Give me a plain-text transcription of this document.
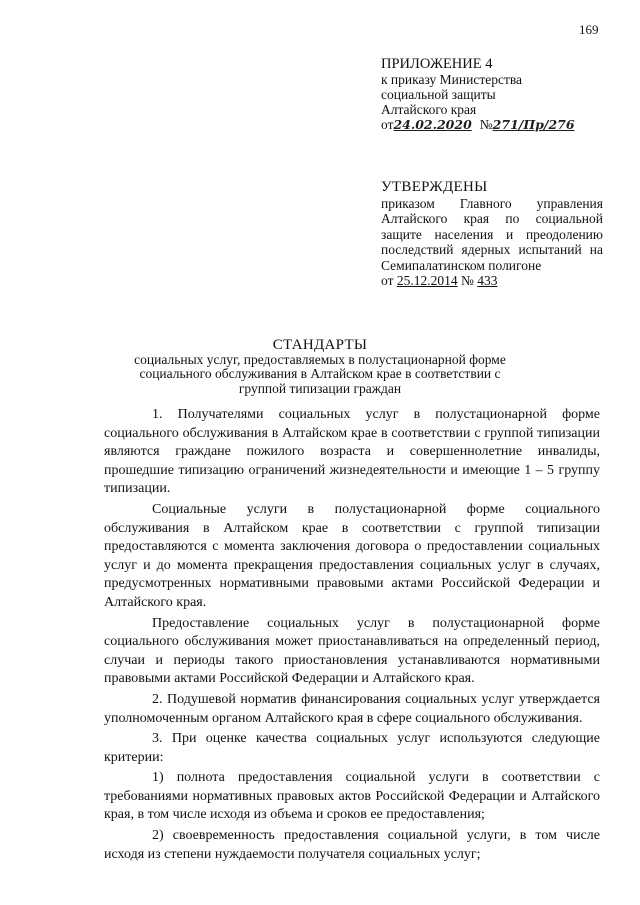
169
ПРИЛОЖЕНИЕ 4
к приказу Министерства
социальной защиты
Алтайского края
от 24.02.2020 № 271/Пр/276
УТВЕРЖДЕНЫ
приказом Главного управления Алтайского края по социальной защите населения и преодолению последствий ядерных испытаний на Семипалатинском полигоне
от 25.12.2014 № 433
СТАНДАРТЫ
социальных услуг, предоставляемых в полустационарной форме
социального обслуживания в Алтайском крае в соответствии с
группой типизации граждан

1. Получателями социальных услуг в полустационарной форме социального обслуживания в Алтайском крае в соответствии с группой типизации являются граждане пожилого возраста и совершеннолетние инвалиды, прошедшие типизацию ограничений жизнедеятельности и имеющие 1 – 5 группу типизации.

Социальные услуги в полустационарной форме социального обслуживания в Алтайском крае в соответствии с группой типизации предоставляются с момента заключения договора о предоставлении социальных услуг и до момента прекращения предоставления социальных услуг в случаях, предусмотренных нормативными правовыми актами Российской Федерации и Алтайского края.

Предоставление социальных услуг в полустационарной форме социального обслуживания может приостанавливаться на определенный период, случаи и периоды такого приостановления устанавливаются нормативными правовыми актами Российской Федерации и Алтайского края.

2. Подушевой норматив финансирования социальных услуг утверждается уполномоченным органом Алтайского края в сфере социального обслуживания.

3. При оценке качества социальных услуг используются следующие критерии:

1) полнота предоставления социальной услуги в соответствии с требованиями нормативных правовых актов Российской Федерации и Алтайского края, в том числе исходя из объема и сроков ее предоставления;

2) своевременность предоставления социальной услуги, в том числе исходя из степени нуждаемости получателя социальных услуг;
